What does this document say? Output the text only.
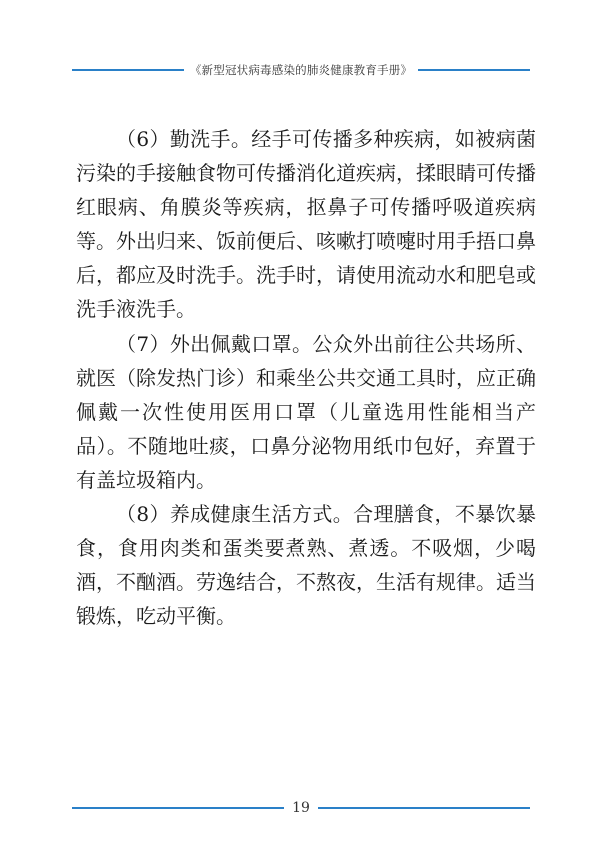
《新型冠状病毒感染的肺炎健康教育手册》

（6）勤洗手。经手可传播多种疾病，如被病菌污染的手接触食物可传播消化道疾病，揉眼睛可传播红眼病、角膜炎等疾病，抠鼻子可传播呼吸道疾病等。外出归来、饭前便后、咳嗽打喷嚏时用手捂口鼻后，都应及时洗手。洗手时，请使用流动水和肥皂或洗手液洗手。

（7）外出佩戴口罩。公众外出前往公共场所、就医（除发热门诊）和乘坐公共交通工具时，应正确佩戴一次性使用医用口罩（儿童选用性能相当产品）。不随地吐痰，口鼻分泌物用纸巾包好，弃置于有盖垃圾箱内。

（8）养成健康生活方式。合理膳食，不暴饮暴食，食用肉类和蛋类要煮熟、煮透。不吸烟，少喝酒，不酗酒。劳逸结合，不熬夜，生活有规律。适当锻炼，吃动平衡。

19
